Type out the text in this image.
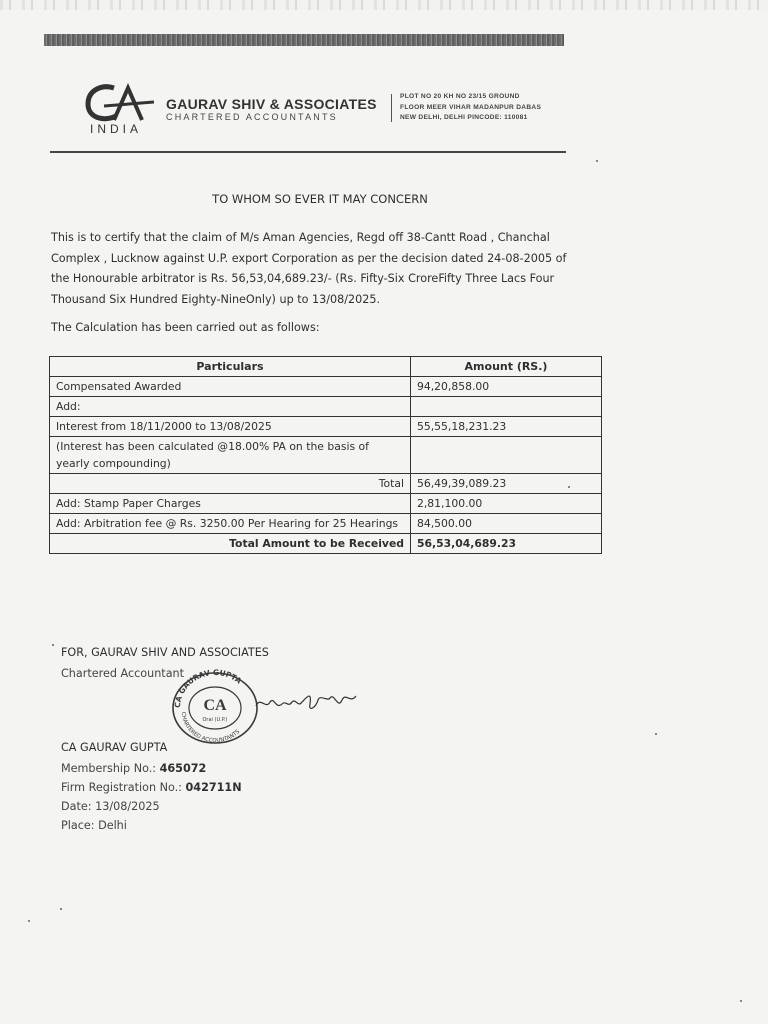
CA
INDIA
GAURAV SHIV & ASSOCIATES
CHARTERED ACCOUNTANTS
PLOT NO 20 KH NO 23/15 GROUND
FLOOR MEER VIHAR MADANPUR DABAS
NEW DELHI, DELHI PINCODE: 110081
TO WHOM SO EVER IT MAY CONCERN
This is to certify that the claim of M/s Aman Agencies, Regd off 38-Cantt Road , Chanchal
Complex , Lucknow against U.P. export Corporation as per the decision dated 24-08-2005 of
the Honourable arbitrator is Rs. 56,53,04,689.23/- (Rs. Fifty-Six CroreFifty Three Lacs Four
Thousand Six Hundred Eighty-NineOnly) up to 13/08/2025.
The Calculation has been carried out as follows:
Particulars	Amount (RS.)
Compensated Awarded	94,20,858.00
Add:	
Interest from 18/11/2000 to 13/08/2025	55,55,18,231.23
(Interest has been calculated @18.00% PA on the basis of yearly compounding)	
Total	56,49,39,089.23
Add: Stamp Paper Charges	2,81,100.00
Add: Arbitration fee @ Rs. 3250.00 Per Hearing for 25 Hearings	84,500.00
Total Amount to be Received	56,53,04,689.23
FOR, GAURAV SHIV AND ASSOCIATES
Chartered Accountant
CA GAURAV GUPTA
CHARTERED ACCOUNTANTS
CA
Orai (U.P.)
Gaurav Gupta
CA GAURAV GUPTA
Membership No.: 465072
Firm Registration No.: 042711N
Date: 13/08/2025
Place: Delhi
